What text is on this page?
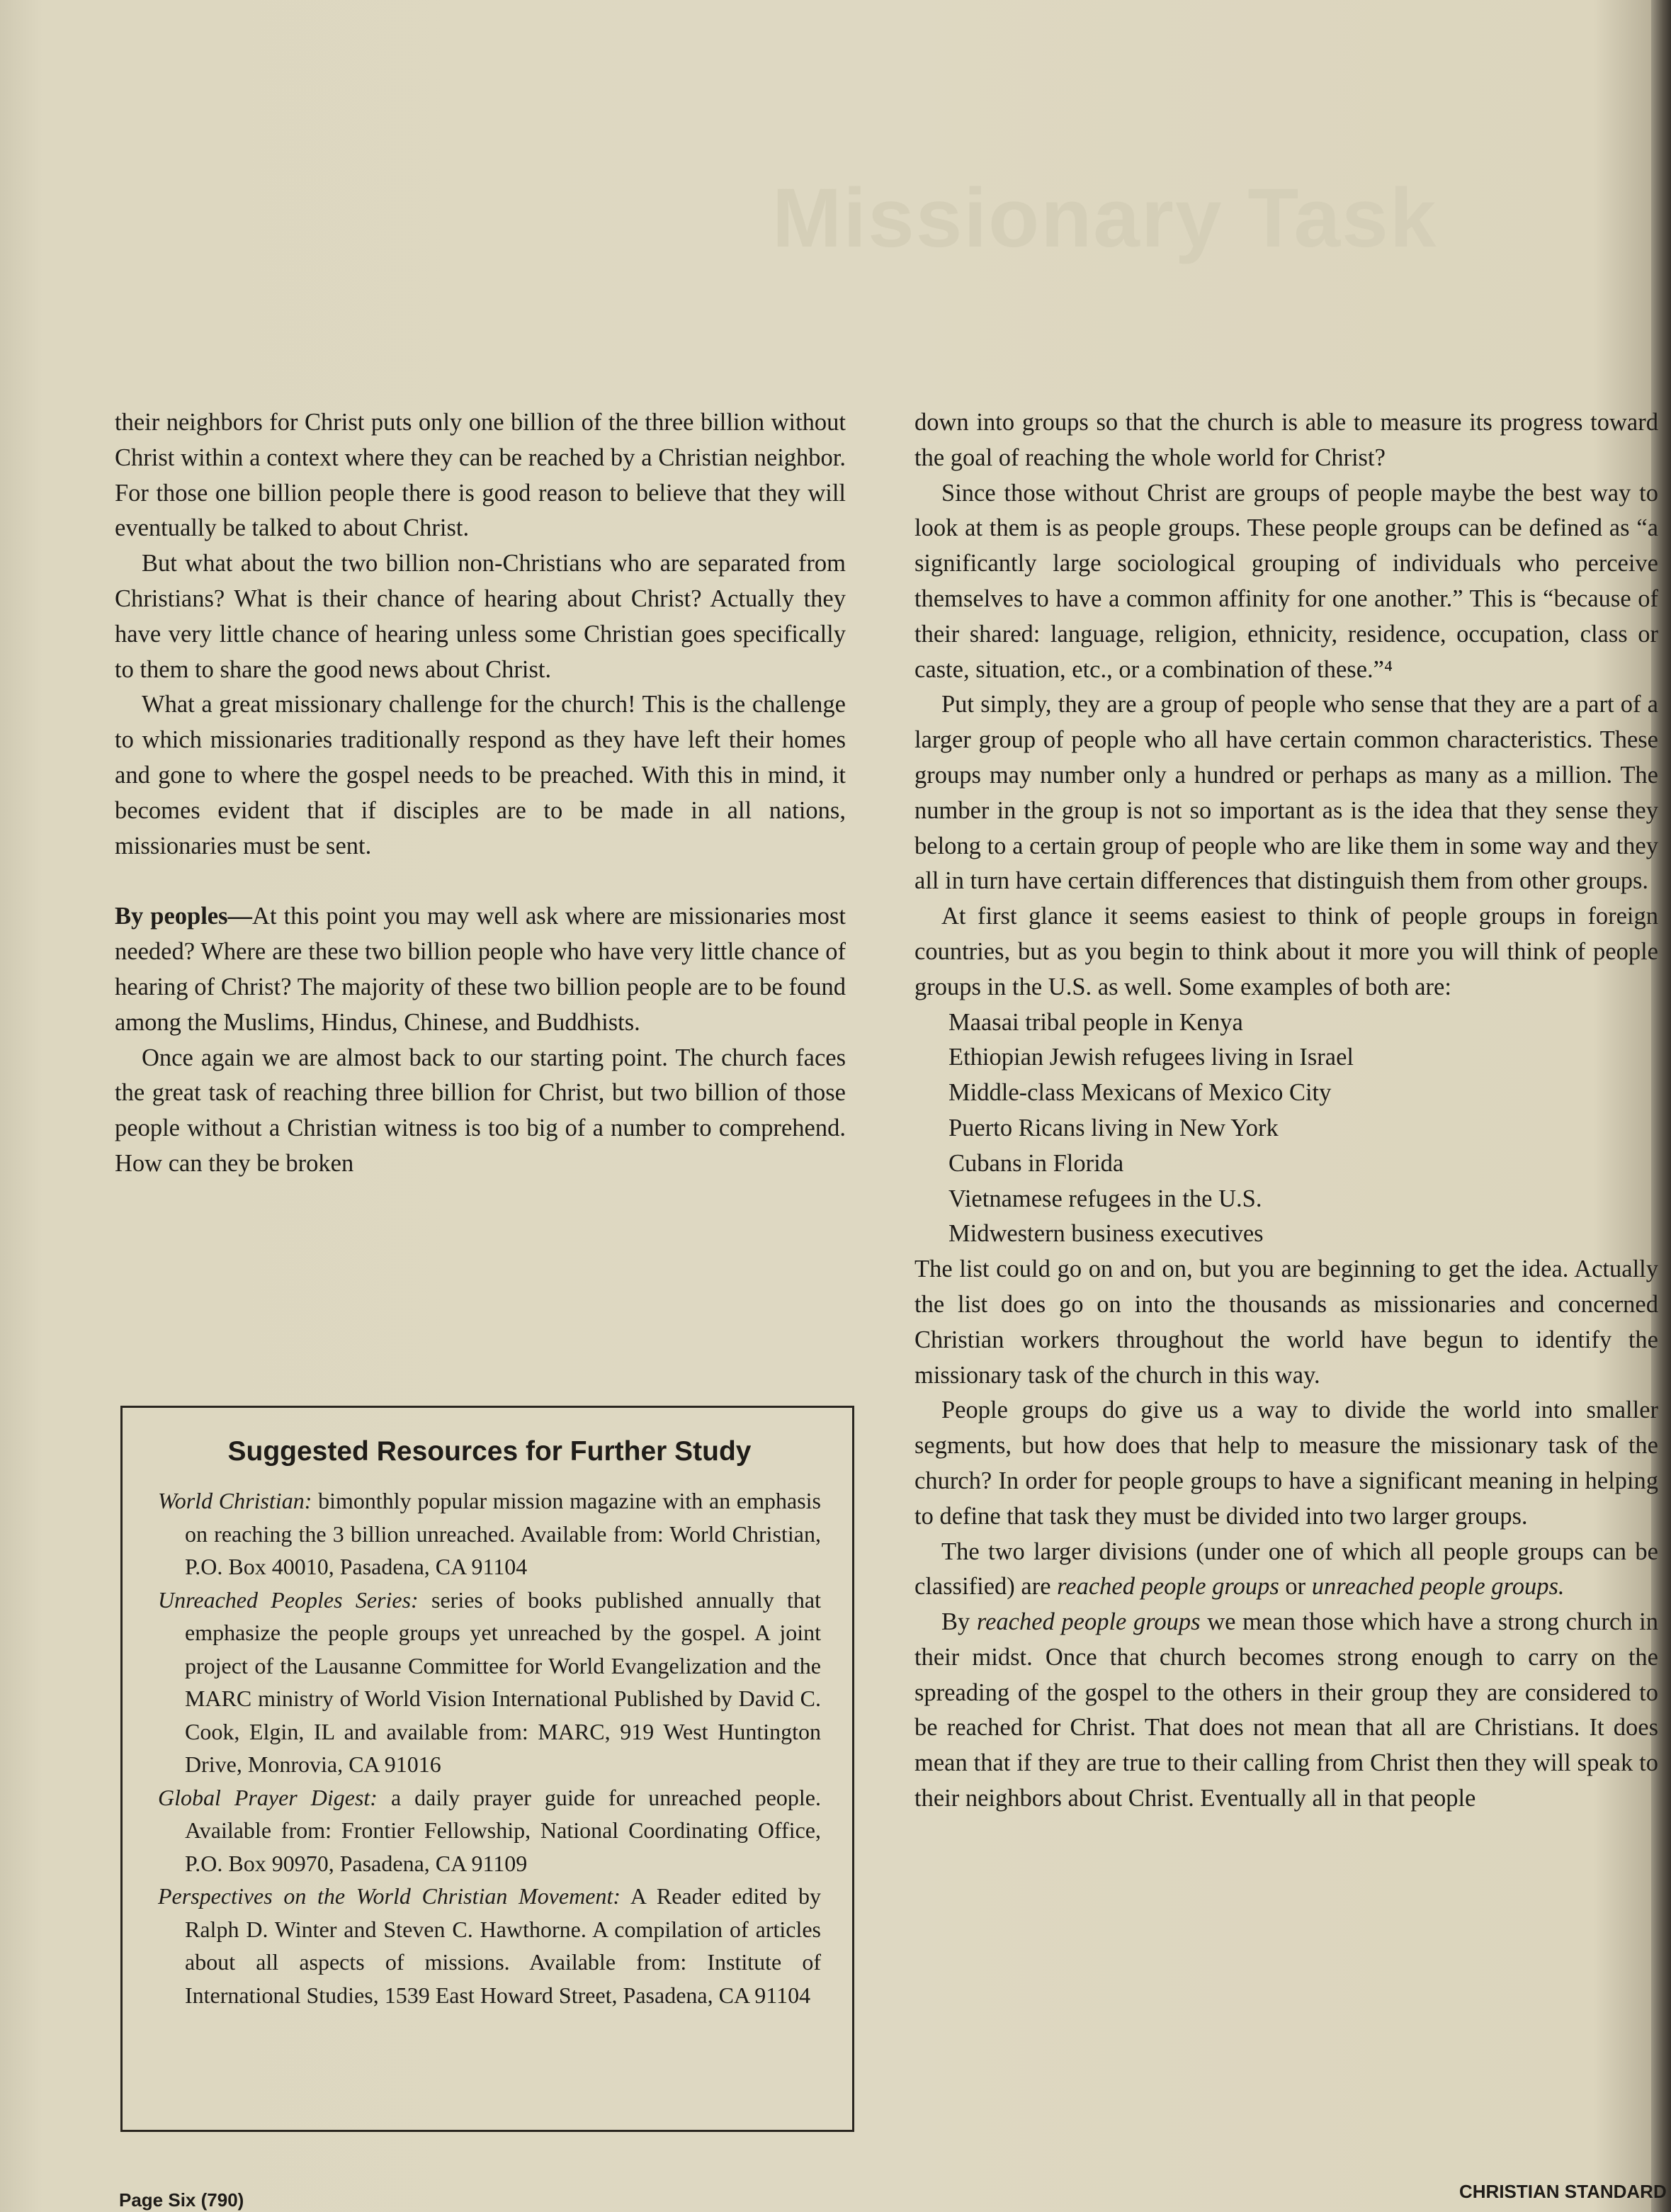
Missionary Task

their neighbors for Christ puts only one billion of the three billion without Christ within a context where they can be reached by a Christian neighbor. For those one billion people there is good reason to believe that they will eventually be talked to about Christ.

But what about the two billion non-Christians who are separated from Christians? What is their chance of hearing about Christ? Actually they have very little chance of hearing unless some Christian goes specifically to them to share the good news about Christ.

What a great missionary challenge for the church! This is the challenge to which missionaries traditionally respond as they have left their homes and gone to where the gospel needs to be preached. With this in mind, it becomes evident that if disciples are to be made in all nations, missionaries must be sent.

By peoples—At this point you may well ask where are missionaries most needed? Where are these two billion people who have very little chance of hearing of Christ? The majority of these two billion people are to be found among the Muslims, Hindus, Chinese, and Buddhists.

Once again we are almost back to our starting point. The church faces the great task of reaching three billion for Christ, but two billion of those people without a Christian witness is too big of a number to comprehend. How can they be broken

Suggested Resources for Further Study

World Christian: bimonthly popular mission magazine with an emphasis on reaching the 3 billion unreached. Available from: World Christian, P.O. Box 40010, Pasadena, CA 91104

Unreached Peoples Series: series of books published annually that emphasize the people groups yet unreached by the gospel. A joint project of the Lausanne Committee for World Evangelization and the MARC ministry of World Vision International Published by David C. Cook, Elgin, IL and available from: MARC, 919 West Huntington Drive, Monrovia, CA 91016

Global Prayer Digest: a daily prayer guide for unreached people. Available from: Frontier Fellowship, National Coordinating Office, P.O. Box 90970, Pasadena, CA 91109

Perspectives on the World Christian Movement: A Reader edited by Ralph D. Winter and Steven C. Hawthorne. A compilation of articles about all aspects of missions. Available from: Institute of International Studies, 1539 East Howard Street, Pasadena, CA 91104

down into groups so that the church is able to measure its progress toward the goal of reaching the whole world for Christ?

Since those without Christ are groups of people maybe the best way to look at them is as people groups. These people groups can be defined as “a significantly large sociological grouping of individuals who perceive themselves to have a common affinity for one another.” This is “because of their shared: language, religion, ethnicity, residence, occupation, class or caste, situation, etc., or a combination of these.”⁴

Put simply, they are a group of people who sense that they are a part of a larger group of people who all have certain common characteristics. These groups may number only a hundred or perhaps as many as a million. The number in the group is not so important as is the idea that they sense they belong to a certain group of people who are like them in some way and they all in turn have certain differences that distinguish them from other groups.

At first glance it seems easiest to think of people groups in foreign countries, but as you begin to think about it more you will think of people groups in the U.S. as well. Some examples of both are:

Maasai tribal people in Kenya
Ethiopian Jewish refugees living in Israel
Middle-class Mexicans of Mexico City
Puerto Ricans living in New York
Cubans in Florida
Vietnamese refugees in the U.S.
Midwestern business executives

The list could go on and on, but you are beginning to get the idea. Actually the list does go on into the thousands as missionaries and concerned Christian workers throughout the world have begun to identify the missionary task of the church in this way.

People groups do give us a way to divide the world into smaller segments, but how does that help to measure the missionary task of the church? In order for people groups to have a significant meaning in helping to define that task they must be divided into two larger groups.

The two larger divisions (under one of which all people groups can be classified) are reached people groups or unreached people groups.

By reached people groups we mean those which have a strong church in their midst. Once that church becomes strong enough to carry on the spreading of the gospel to the others in their group they are considered to be reached for Christ. That does not mean that all are Christians. It does mean that if they are true to their calling from Christ then they will speak to their neighbors about Christ. Eventually all in that people

Page Six (790)	CHRISTIAN STANDARD
